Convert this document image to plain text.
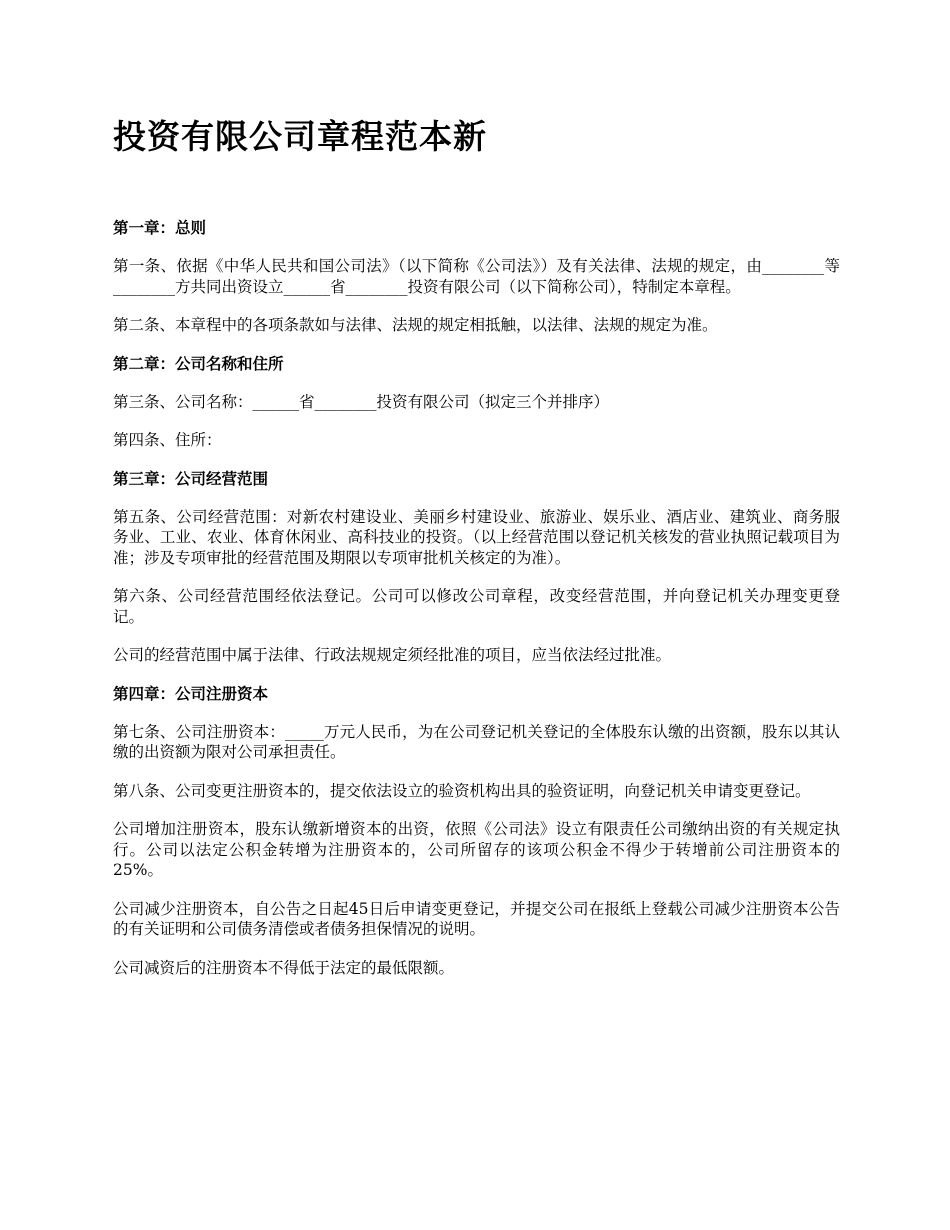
投资有限公司章程范本新
第一章：总则
第一条、依据《中华人民共和国公司法》（以下简称《公司法》）及有关法律、法规的规定，由________等________方共同出资设立______省________投资有限公司（以下简称公司），特制定本章程。
第二条、本章程中的各项条款如与法律、法规的规定相抵触，以法律、法规的规定为准。
第二章：公司名称和住所
第三条、公司名称：______省________投资有限公司（拟定三个并排序）
第四条、住所：
第三章：公司经营范围
第五条、公司经营范围：对新农村建设业、美丽乡村建设业、旅游业、娱乐业、酒店业、建筑业、商务服务业、工业、农业、体育休闲业、高科技业的投资。（以上经营范围以登记机关核发的营业执照记载项目为准；涉及专项审批的经营范围及期限以专项审批机关核定的为准）。
第六条、公司经营范围经依法登记。公司可以修改公司章程，改变经营范围，并向登记机关办理变更登记。
公司的经营范围中属于法律、行政法规规定须经批准的项目，应当依法经过批准。
第四章：公司注册资本
第七条、公司注册资本：_____万元人民币，为在公司登记机关登记的全体股东认缴的出资额，股东以其认缴的出资额为限对公司承担责任。
第八条、公司变更注册资本的，提交依法设立的验资机构出具的验资证明，向登记机关申请变更登记。
公司增加注册资本，股东认缴新增资本的出资，依照《公司法》设立有限责任公司缴纳出资的有关规定执行。公司以法定公积金转增为注册资本的，公司所留存的该项公积金不得少于转增前公司注册资本的25%。
公司减少注册资本，自公告之日起45日后申请变更登记，并提交公司在报纸上登载公司减少注册资本公告的有关证明和公司债务清偿或者债务担保情况的说明。
公司减资后的注册资本不得低于法定的最低限额。
